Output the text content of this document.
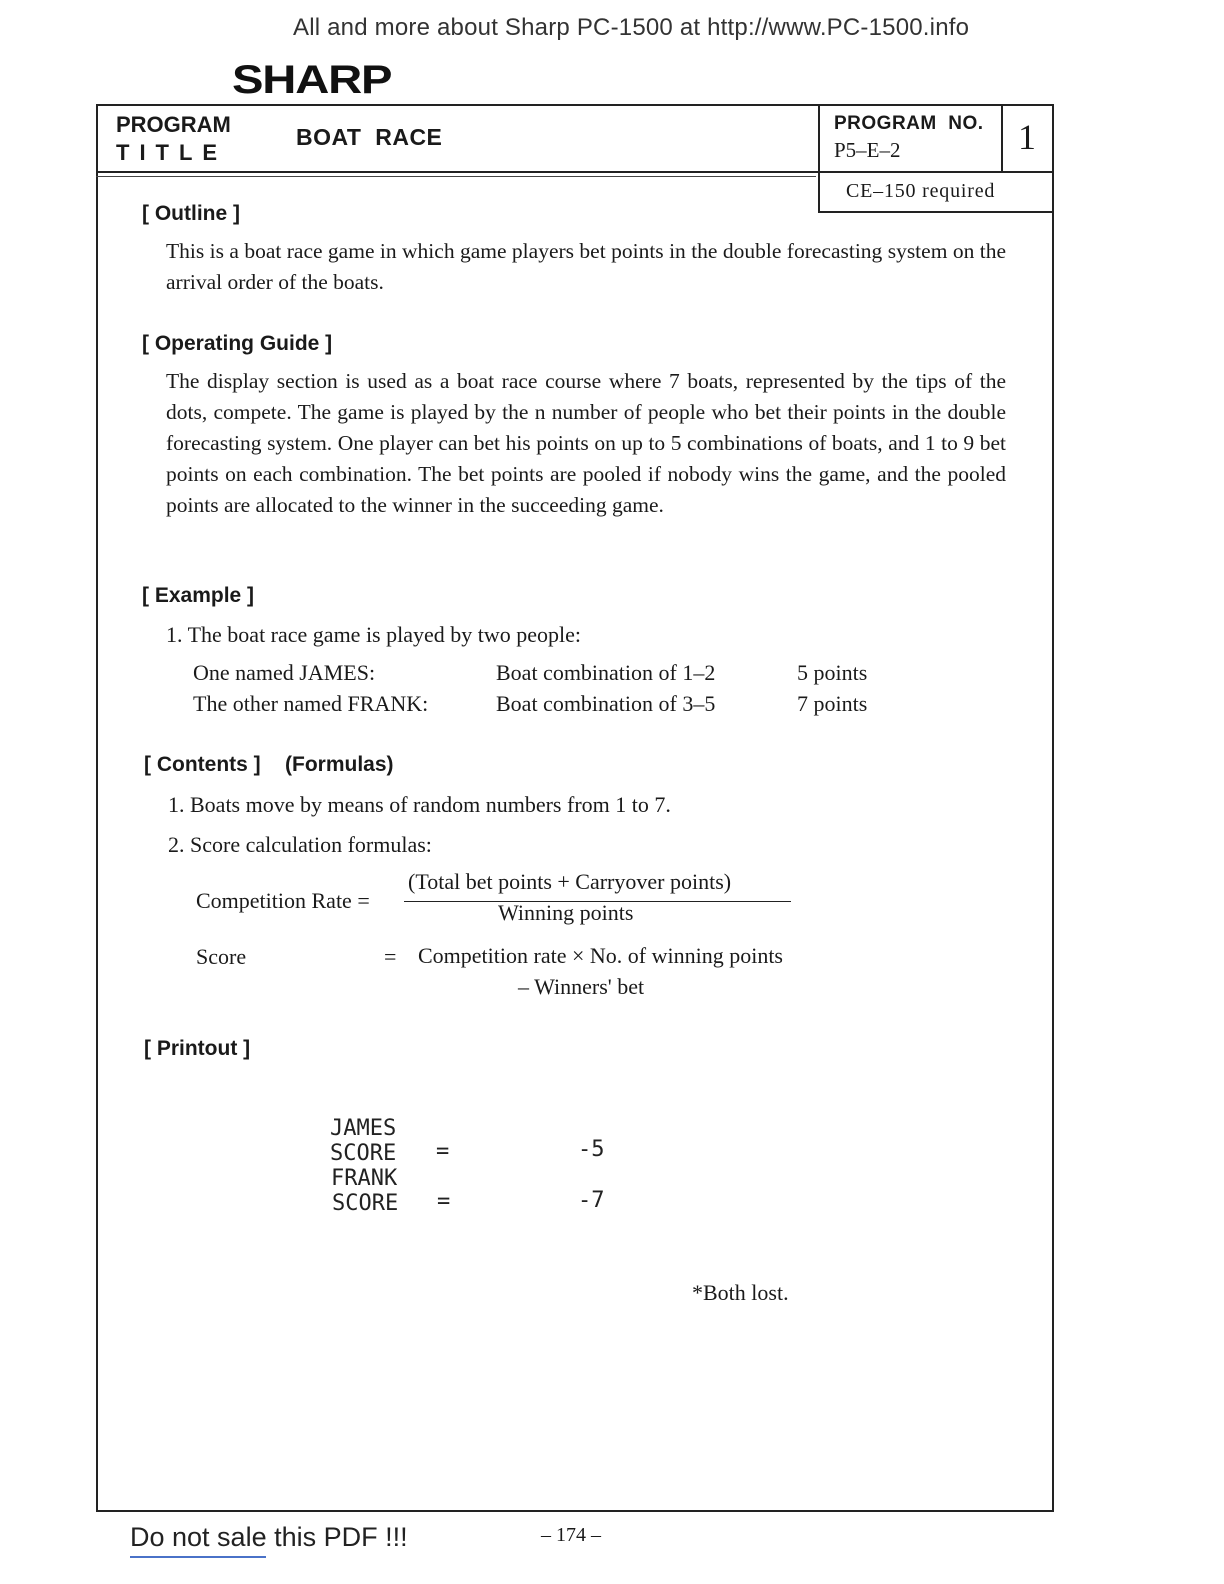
All and more about Sharp PC-1500 at http://www.PC-1500.info
SHARP
PROGRAM
TITLE
BOAT  RACE
PROGRAM  NO.
P5–E–2	1
CE–150 required
[ Outline ]
This is a boat race game in which game players bet points in the double forecasting system on the arrival order of the boats.
[ Operating Guide ]
The display section is used as a boat race course where 7 boats, represented by the tips of the dots, compete. The game is played by the n number of people who bet their points in the double forecasting system. One player can bet his points on up to 5 combinations of boats, and 1 to 9 bet points on each combination. The bet points are pooled if nobody wins the game, and the pooled points are allocated to the winner in the succeeding game.
[ Example ]
1. The boat race game is played by two people:
One named JAMES:	Boat combination of 1–2	5 points
The other named FRANK:	Boat combination of 3–5	7 points
[ Contents ] (Formulas)
1. Boats move by means of random numbers from 1 to 7.
2. Score calculation formulas:
Competition Rate =
(Total bet points + Carryover points)
Winning points
Score	= Competition rate × No. of winning points
– Winners' bet
[ Printout ]
JAMES
SCORE =	-5
FRANK
SCORE =	-7
*Both lost.
Do not sale this PDF !!!	– 174 –
